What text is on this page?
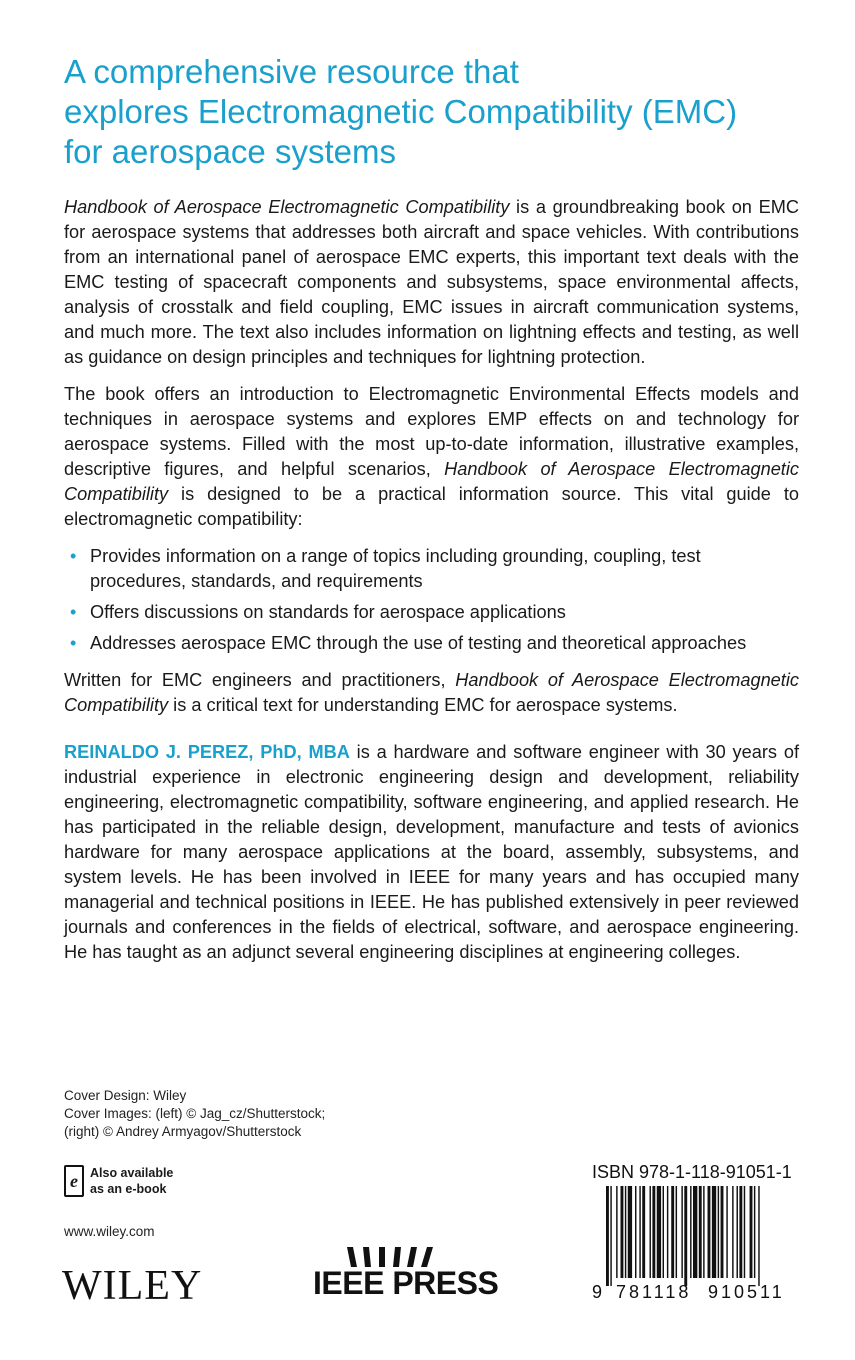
A comprehensive resource that
explores Electromagnetic Compatibility (EMC)
for aerospace systems

Handbook of Aerospace Electromagnetic Compatibility is a groundbreaking book on EMC for aerospace systems that addresses both aircraft and space vehicles. With contributions from an international panel of aerospace EMC experts, this important text deals with the EMC testing of spacecraft components and subsystems, space environmental affects, analysis of crosstalk and field coupling, EMC issues in aircraft communication systems, and much more. The text also includes information on lightning effects and testing, as well as guidance on design principles and techniques for lightning protection.

The book offers an introduction to Electromagnetic Environmental Effects models and techniques in aerospace systems and explores EMP effects on and technology for aerospace systems. Filled with the most up-to-date information, illustrative examples, descriptive figures, and helpful scenarios, Handbook of Aerospace Electromagnetic Compatibility is designed to be a practical information source. This vital guide to electromagnetic compatibility:

• Provides information on a range of topics including grounding, coupling, test procedures, standards, and requirements
• Offers discussions on standards for aerospace applications
• Addresses aerospace EMC through the use of testing and theoretical approaches

Written for EMC engineers and practitioners, Handbook of Aerospace Electromagnetic Compatibility is a critical text for understanding EMC for aerospace systems.

REINALDO J. PEREZ, PhD, MBA is a hardware and software engineer with 30 years of industrial experience in electronic engineering design and development, reliability engineering, electromagnetic compatibility, software engineering, and applied research. He has participated in the reliable design, development, manufacture and tests of avionics hardware for many aerospace applications at the board, assembly, subsystems, and system levels. He has been involved in IEEE for many years and has occupied many managerial and technical positions in IEEE. He has published extensively in peer reviewed journals and conferences in the fields of electrical, software, and aerospace engineering. He has taught as an adjunct several engineering disciplines at engineering colleges.

Cover Design: Wiley
Cover Images: (left) © Jag_cz/Shutterstock;
(right) © Andrey Armyagov/Shutterstock
e Also available
as an e-book
www.wiley.com
WILEY	IEEE PRESS
ISBN 978-1-118-91051-1
9 781118 910511
